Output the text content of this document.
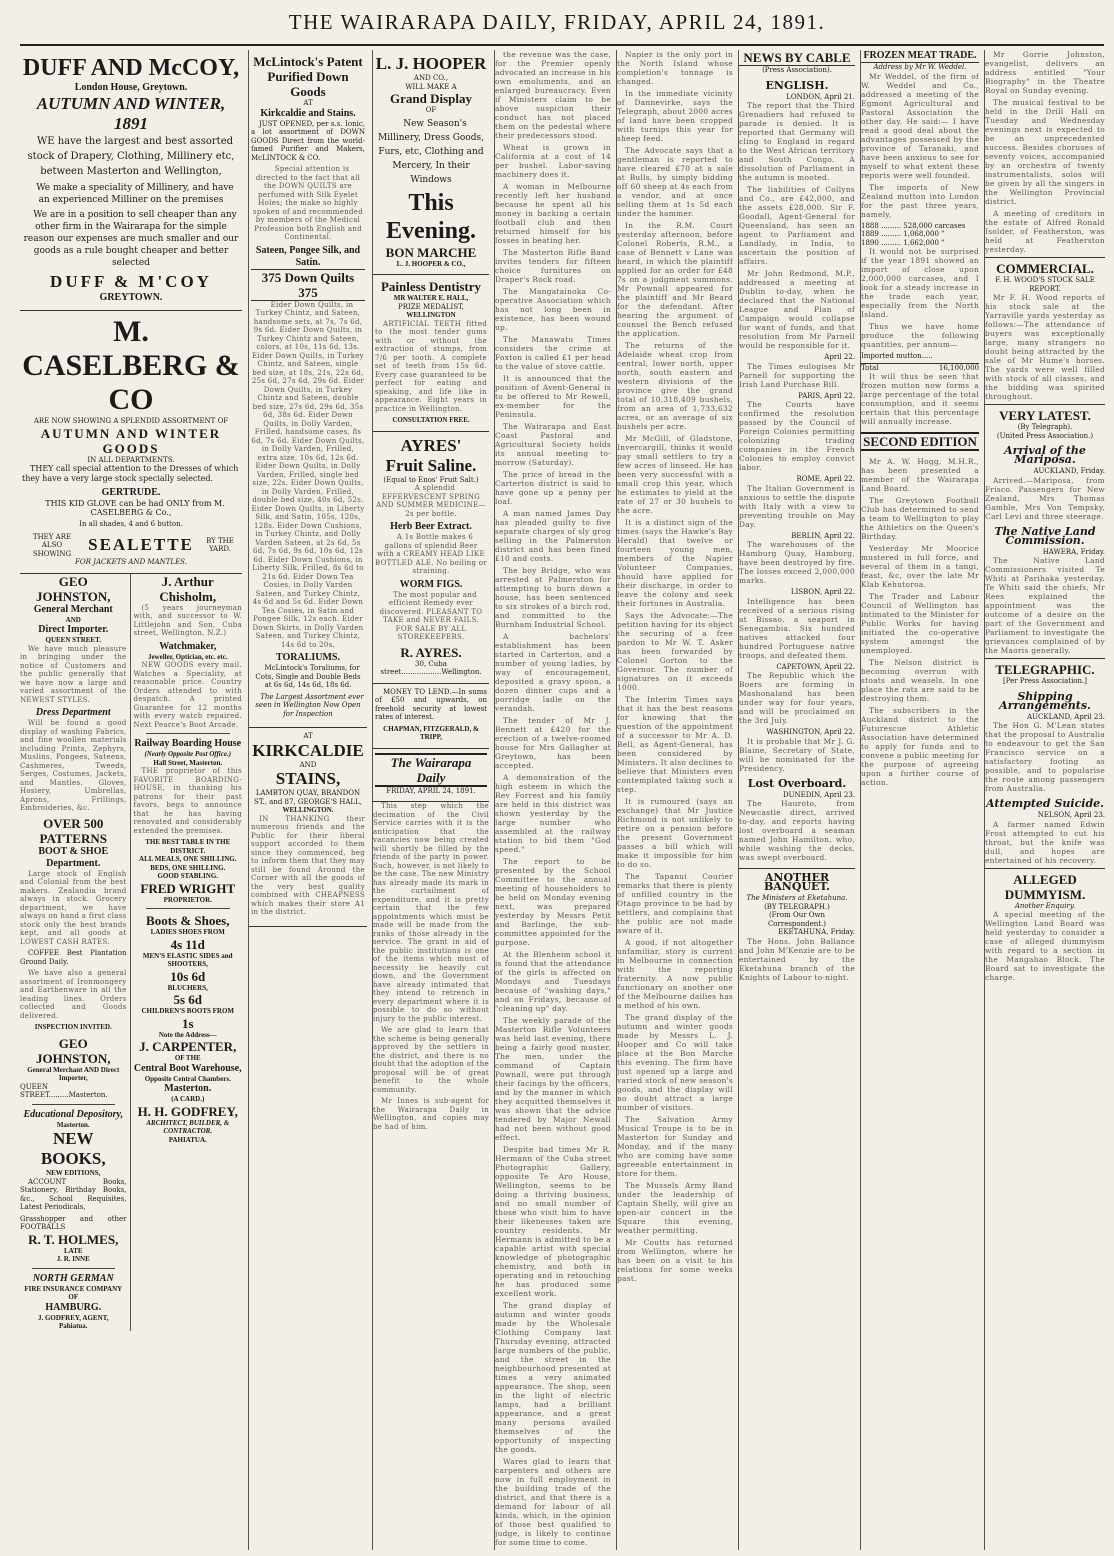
THE WAIRARAPA DAILY, FRIDAY, APRIL 24, 1891.
DUFF AND McCOY,
London House, Greytown.
AUTUMN AND WINTER, 1891

WE have the largest and best assorted stock of Drapery, Clothing, Millinery etc, between Masterton and Wellington,

We make a speciality of Millinery, and have an experienced Milliner on the premises

We are in a position to sell cheaper than any other firm in the Wairarapa for the simple reason our expenses are much smaller and our goods as a rule bought cheaper and better selected

DUFF & M'COY
GREYTOWN.
M. CASELBERG & CO
ARE NOW SHOWING A SPLENDID ASSORTMENT OF
AUTUMN AND WINTER GOODS
IN ALL DEPARTMENTS.

THEY call special attention to the Dresses of which they have a very large stock specially selected.

GERTRUDE.

THIS KID GLOVE can be had ONLY from M. CASELBERG & Co.,

In all shades, 4 and 6 button.
THEY ARE ALSO SHOWING SEALETTE	BY THE YARD.
FOR JACKETS AND MANTLES.
GEO JOHNSTON,
General Merchant
AND
Direct Importer.
QUEEN STREET.

We have much pleasure in bringing under the notice of Customers and the public generally that we have now a large and varied assortment of the NEWEST STYLES.

Dress Department

Will be found a good display of washing Fabrics, and fine woollen materials including Prints, Zephyrs, Muslins, Pongees, Sateens, Cashmeres, Tweeds, Serges, Costumes, Jackets, and Mantles. Gloves, Hosiery, Umbrellas, Aprons, Frillings, Embroideries, &c.

OVER 500 PATTERNS
BOOT & SHOE
Department.

Large stock of English and Colonial from the best makers. Zealandia brand always in stock. Grocery department, we have always on hand a first class stock only the best brands kept, and all goods at LOWEST CASH RATES.

COFFEE Best Plantation Ground Daily.

We have also a general assortment of Ironmongery and Earthenware in all the leading lines. Orders collected and Goods delivered.

INSPECTION INVITED.
GEO JOHNSTON,
General Merchant AND Direct Importer,
QUEEN STREET.........Masterton.
Educational Depository,
Masterton.
NEW BOOKS,
NEW EDITIONS,

ACCOUNT Books, Stationery, Birthday Books, &c., School Requisites, Latest Periodicals,

Grasshopper and other FOOTBALLS
R. T. HOLMES,
LATE
J. R. INNE
NORTH GERMAN
FIRE INSURANCE COMPANY
OF
HAMBURG.
J. GODFREY, AGENT,
Pahiatua.
J. Arthur Chisholm,

(5 years journeyman with, and successor to W. Littlejohn and Son, Cuba street, Wellington, N.Z.)

Watchmaker,
Jeweller, Optician, etc. etc.

NEW GOODS every mail. Watches a Speciality, at reasonable price. Country Orders attended to with despatch. A printed Guarantee for 12 months with every watch repaired. Next Pearce's Boot Arcade.

Railway Boarding House
(Nearly Opposite Post Office.)
Hall Street, Masterton.

THE proprietor of this FAVORITE BOARDING-HOUSE, in thanking his patrons for their past favors, begs to announce that he has having renovated and considerably extended the premises.

THE BEST TABLE IN THE DISTRICT.
ALL MEALS, ONE SHILLING. BEDS, ONE SHILLING.
GOOD STABLING.
FRED WRIGHT
PROPRIETOR.
Boots & Shoes,
LADIES SHOES FROM
4s 11d
MEN'S ELASTIC SIDES and SHOOTERS,
10s 6d
BLUCHERS,
5s 6d
CHILDREN'S BOOTS FROM
1s
Note the Address—
J. CARPENTER,
OF THE
Central Boot Warehouse,
Opposite Central Chambers.
Masterton.
(A CARD.)
H. H. GODFREY,
ARCHITECT, BUILDER, & CONTRACTOR.
PAHIATUA.
McLintock's Patent Purified Down Goods
AT
Kirkcaldie and Stains.

JUST OPENED, per s.s. Ionic, a lot assortment of DOWN GOODS Direct from the world-famed Purifier and Makers, McLINTOCK & CO.

Special attention is directed to the fact that all the DOWN QUILTS are perfumed with Silk Eyelet Holes; the make so highly spoken of and recommended by members of the Medical Profession both English and Continental.

Sateen, Pongee Silk, and Satin.
375 Down Quilts 375

Eider Down Quilts, in Turkey Chintz, and Sateen, handsome sets, at 7s, 7s 6d, 9s 6d. Eider Down Quilts, in Turkey Chintz and Sateen, colors, at 10s, 11s 6d, 13s. Eider Down Quilts, in Turkey Chintz, and Sateen, single bed size, at 18s, 21s, 22s 6d, 25s 6d, 27s 6d, 29s 6d. Eider Down Quilts, in Turkey Chintz and Sateen, double bed size, 27s 6d, 29s 6d, 35s 6d, 38s 6d. Eider Down Quilts, in Dolly Varden, Frilled, handsome cases, 8s 6d, 7s 6d. Eider Down Quilts, in Dolly Varden, Frilled, extra size, 10s 6d, 12s 6d. Eider Down Quilts, in Dolly Varden, Frilled, single bed size, 22s. Eider Down Quilts, in Dolly Varden, Frilled, double bed size, 40s 6d, 52s. Eider Down Quilts, in Liberty Silk, and Satin, 105s, 120s, 128s. Eider Down Cushions, in Turkey Chintz, and Dolly Varden Sateen, at 2s 6d, 5s 6d, 7s 6d, 9s 6d, 10s 6d, 12s 6d. Eider Down Cushions, in Liberty Silk, Frilled, 8s 6d to 21s 6d. Eider Down Tea Cosies, in Dolly Varden Sateen, and Turkey Chintz, 4s 6d and 5s 6d. Eider Down Tea Cosies, in Satin and Pongee Silk, 12s each. Eider Down Skirts, in Dolly Varden Sateen, and Turkey Chintz, 14s 6d to 20s.

TORALIUMS.

McLintock's Toraliums, for Cots, Single and Double Beds at 6s 6d, 14s 6d, 18s 6d.

The Largest Assortment ever seen in Wellington Now Open for Inspection

AT
KIRKCALDIE
AND
STAINS,
LAMBTON QUAY, BRANDON ST., and 87, GEORGE'S HALL,
WELLINGTON.

IN THANKING their numerous friends and the Public for their liberal support accorded to them since they commenced, beg to inform them that they may still be found Around the Corner with all the goods of the very best quality combined with CHEAPNESS which makes their store A1 in the district.

L. J. HOOPER
AND CO.,
WILL MAKE A
Grand Display
OF

New Season's Millinery, Dress Goods, Furs, etc, Clothing and Mercery, In their Windows

This Evening.
BON MARCHE
L. J. HOOPER & CO.,
Painless Dentistry
MR WALTER E. HALL,
PRIZE MEDALIST,
WELLINGTON

ARTIFICIAL TEETH fitted to the most tender gums with or without the extraction of stumps, from 7/6 per tooth. A complete set of teeth from 15s 6d. Every case guaranteed to be perfect for eating and speaking, and life like in appearance. Eight years in practice in Wellington.

CONSULTATION FREE.
AYRES'
Fruit Saline.
(Equal to Enos' Fruit Salt.)

A splendid EFFERVESCENT SPRING AND SUMMER MEDICINE—2s per bottle.

Herb Beer Extract.

A 1s Bottle makes 6 gallons of splendid Beer with a CREAMY HEAD LIKE BOTTLED ALE. No boiling or straining.

WORM FIGS.

The most popular and efficient Remedy ever discovered. PLEASANT TO TAKE and NEVER FAILS. FOR SALE BY ALL STOREKEEPERS.

R. AYRES.
30, Cuba street..................Wellington.

MONEY TO LEND.—In sums of £50 and upwards, on freehold security at lowest rates of interest.

CHAPMAN, FITZGERALD, & TRIPP,
The Wairarapa Daily
FRIDAY, APRIL 24, 1891.

This step which the decimation of the Civil Service carries with it is the anticipation that the vacancies now being created will shortly be filled by the friends of the party in power. Such, however, is not likely to be the case. The new Ministry has already made its mark in the curtailment of expenditure, and it is pretty certain that the few appointments which must be made will be made from the ranks of those already in the service. The grant in aid of the public institutions is one of the items which must of necessity be heavily cut down, and the Government have already intimated that they intend to retrench in every department where it is possible to do so without injury to the public interest.

We are glad to learn that the scheme is being generally approved by the settlers in the district, and there is no doubt that the adoption of the proposal will be of great benefit to the whole community.

Mr Innes is sub-agent for the Wairarapa Daily in Wellington, and copies may be had of him.

the revenue was the case, for the Premier openly advocated an increase in his own emoluments, and an enlarged bureaucracy. Even if Ministers claim to be above suspicion their conduct has not placed them on the pedestal where their predecessors stood.

Wheat is grown in California at a cost of 14 per bushel. Labor-saving machinery does it.

A woman in Melbourne recently left her husband because he spent all his money in backing a certain football club and then returned himself for his losses in beating her.

The Masterton Rifle Band invites tenders for fifteen choice furnitures on Draper's Rock road.

The Mangatainoka Co-operative Association which has not long been in existence, has been wound up.

The Manawatu Times considers the crime at Foxton is called £1 per head to the value of stove cattle.

It is announced that the position of Avent-General is to be offered to Mr Rewell, ex-member for the Peninsula.

The Wairarapa and East Coast Pastoral and Agricultural Society holds its annual meeting to-morrow (Saturday).

The price of bread in the Carterton district is said to have gone up a penny per loaf.

A man named James Day has pleaded guilty to five separate charges of sly grog selling in the Palmerston district and has been fined £10 and costs.

The boy Bridge, who was arrested at Palmerston for attempting to burn down a house, has been sentenced to six strokes of a birch rod, and committed to the Burnham Industrial School.

A bachelors' establishment has been started in Carterton, and a number of young ladies, by way of encouragement, deposited a gravy spoon, a dozen dinner cups and a porridge ladle on the verandah.

The tender of Mr J. Bennett at £420 for the erection of a twelve-roomed house for Mrs Gallagher at Greytown, has been accepted.

A demonstration of the high esteem in which the Rev Forrest and his family are held in this district was shown yesterday by the large number who assembled at the railway station to bid them "God speed."

The report to be presented by the School Committee to the annual meeting of householders to be held on Monday evening next, was prepared yesterday by Messrs Petit and Barlinge, the sub-committee appointed for the purpose.

At the Blenheim school it is found that the attendance of the girls is affected on Mondays and Tuesdays because of "washing days," and on Fridays, because of "cleaning up" day.

The weekly parade of the Masterton Rifle Volunteers was held last evening, there being a fairly good muster. The men, under the command of Captain Pownall, were put through their facings by the officers, and by the manner in which they acquitted themselves it was shown that the advice tendered by Major Newall had not been without good effect.

Despite bad times Mr R. Hermann of the Cuba street Photographic Gallery, opposite Te Aro House, Wellington, seems to be doing a thriving business, and no small number of those who visit him to have their likenesses taken are country residents. Mr Hermann is admitted to be a capable artist with special knowledge of photographic chemistry, and both in operating and in retouching he has produced some excellent work.

The grand display of autumn and winter goods made by the Wholesale Clothing Company last Thursday evening, attracted large numbers of the public, and the street in the neighbourhood presented at times a very animated appearance. The shop, seen in the light of electric lamps, had a brilliant appearance, and a great many persons availed themselves of the opportunity of inspecting the goods.

Wares glad to learn that carpenters and others are now in full employment in the building trade of the district, and that there is a demand for labour of all kinds, which, in the opinion of those best qualified to judge, is likely to continue for some time to come.

Napier is the only port in the North Island whose completion's tonnage is changed.

In the immediate vicinity of Dannevirke, says the Telegraph, about 2000 acres of land have been cropped with turnips this year for sheep feed.

The Advocate says that a gentleman is reported to have cleared £70 at a sale at Bulls, by simply bidding off 60 sheep at 4s each from a vendor, and at once selling them at 1s 5d each under the hammer.

In the R.M. Court yesterday afternoon, before Colonel Roberts, R.M., a case of Bennett v Lane was heard, in which the plaintiff applied for an order for £48 7s on a judgment summons. Mr Pownall appeared for the plaintiff and Mr Beard for the defendant. After hearing the argument of counsel the Bench refused the application.

The returns of the Adelaide wheat crop from central, lower north, upper north, south eastern and western divisions of the province give the grand total of 10,318,409 bushels, from an area of 1,733,632 acres, or an average of six bushels per acre.

Mr McGill, of Gladstone, Invercargill, thinks it would pay small settlers to try a few acres of linseed. He has been very successful with a small crop this year, which he estimates to yield at the rate of 27 or 30 bushels to the acre.

It is a distinct sign of the times (says the Hawke's Bay Herald) that twelve or fourteen young men, members of the Napier Volunteer Companies, should have applied for their discharge, in order to leave the colony and seek their fortunes in Australia.

Says the Advocate:—The petition having for its object the securing of a free pardon to Mr W. T. Asker has been forwarded by Colonel Gorton to the Governor. The number of signatures on it exceeds 1000.

The Interim Times says that it has the best reasons for knowing that the question of the appointment of a successor to Mr A. D. Bell, as Agent-General, has been considered by Ministers. It also declines to believe that Ministers even contemplated taking such a step.

It is rumoured (says an exchange) that Mr Justice Richmond is not unlikely to retire on a pension before the present Government passes a bill which will make it impossible for him to do so.

The Tapanui Courier remarks that there is plenty of unfilled country in the Otago province to be had by settlers, and complains that the public are not made aware of it.

A good, if not altogether unfamiliar, story is current in Melbourne in connection with the reporting fraternity. A now public functionary on another one of the Melbourne dailies has a method of his own.

The grand display of the autumn and winter goods made by Messrs L. J. Hooper and Co will take place at the Bon Marche this evening. The firm have just opened up a large and varied stock of new season's goods, and the display will no doubt attract a large number of visitors.

The Salvation Army Musical Troupe is to be in Masterton for Sunday and Monday, and if the many who are coming have some agreeable entertainment in store for them.

The Mussels Army Band under the leadership of Captain Shelly, will give an open-air concert in the Square this evening, weather permitting.

Mr Coutts has returned from Wellington, where he has been on a visit to his relations for some weeks past.

NEWS BY CABLE
(Press Association).
ENGLISH.
LONDON, April 21.

The report that the Third Grenadiers had refused to parade is denied. It is reported that Germany will cling to England in regard to the West African territory and South Congo. A dissolution of Parliament in the autumn is mooted.

The liabilities of Collyns and Co., are £42,000, and the assets £28,000. Sir F. Goodall, Agent-General for Queensland, has seen an agent to Parliament and Landlady, in India, to ascertain the position of affairs.

Mr John Redmond, M.P., addressed a meeting at Dublin to-day, when he declared that the National League and Plan of Campaign would collapse for want of funds, and that resolution from Mr Parnell would be responsible for it.

April 22.

The Times eulogises Mr Parnell for supporting the Irish Land Purchase Bill.

PARIS, April 22.

The Courts have confirmed the resolution passed by the Council of Foreign Colonies permitting colonizing trading companies in the French Colonies to employ convict labor.

ROME, April 22.

The Italian Government is anxious to settle the dispute with Italy with a view to preventing trouble on May Day.

BERLIN, April 22.

The warehouses of the Hamburg Quay, Hamburg, have been destroyed by fire. The losses exceed 2,000,000 marks.

LISBON, April 22.

Intelligence has been received of a serious rising at Bissao, a seaport in Senegambia. Six hundred natives attacked four hundred Portuguese native troops, and defeated them.

CAPETOWN, April 22.

The Republic which the Boers are forming in Mashonaland has been under way for four years, and will be proclaimed on the 3rd July.

WASHINGTON, April 22.

It is probable that Mr J. G. Blaine, Secretary of State, will be nominated for the Presidency.

Lost Overboard.
DUNEDIN, April 23.

The Hauroto, from Newcastle direct, arrived to-day, and reports having lost overboard a seaman named John Hamilton, who, while washing the decks, was swept overboard.

ANOTHER BANQUET.
The Ministers at Eketahuna.
(BY TELEGRAPH.)
(From Our Own Correspondent.)
EKETAHUNA, Friday.

The Hons. John Ballance and John M'Kenzie are to be entertained by the Eketahuna branch of the Knights of Labour to-night.

FROZEN MEAT TRADE.
Address by Mr W. Weddel.

Mr Weddel, of the firm of W. Weddel and Co., addressed a meeting of the Egmont Agricultural and Pastoral Association the other day. He said:— I have read a good deal about the advantages possessed by the province of Taranaki, and have been anxious to see for myself to what extent these reports were well founded.

The imports of New Zealand mutton into London for the past three years, namely,

1888 ......... 528,000 carcases
1889 ......... 1,068,000 "
1890 ......... 1,662,000 "

It would not be surprised if the year 1891 showed an import of close upon 2,000,000 carcases, and I look for a steady increase in the trade each year, especially from the North Island.

Thus we have home produce the following quantities, per annum—

Imported mutton.....
Total	16,100,000

It will thus be seen that frozen mutton now forms a large percentage of the total consumption, and it seems certain that this percentage will annually increase.

SECOND EDITION

Mr A. W. Hogg, M.H.R., has been presented a member of the Wairarapa Land Board.

The Greytown Football Club has determined to send a team to Wellington to play the Athletics on the Queen's Birthday.

Yesterday Mr Moorice mustered in full force, and several of them in a tangi, feast, &c, over the late Mr Klab Kehutoroa.

The Trader and Labour Council of Wellington has intimated to the Minister for Public Works for having initiated the co-operative system amongst the unemployed.

The Nelson district is becoming overrun with stoats and weasels. In one place the rats are said to be destroying them.

The subscribers in the Auckland district to the Futurescue Athletic Association have determined to apply for funds and to convene a public meeting for the purpose of agreeing upon a further course of action.

Mr Gorrie Johnston, evangelist, delivers an address entitled "Your Biography" in the Theatre Royal on Sunday evening.

The musical festival to be held in the Drill Hall on Tuesday and Wednesday evenings next is expected to be an unprecedented success. Besides choruses of seventy voices, accompanied by an orchestra of twenty instrumentalists, solos will be given by all the singers in the Wellington Provincial district.

A meeting of creditors in the estate of Alfred Ronald Isolder, of Featherston, was held at Featherston yesterday.

COMMERCIAL.
F. H. WOOD'S STOCK SALE REPORT.

Mr F. H. Wood reports of his stock sale at the Yarraville yards yesterday as follows:—The attendance of buyers was exceptionally large, many strangers no doubt being attracted by the sale of Mr Hume's horses. The yards were well filled with stock of all classes, and the bidding was spirited throughout.

VERY LATEST.
(By Telegraph).
(United Press Association.)
Arrival of the Mariposa.
AUCKLAND, Friday.

Arrived.—Mariposa, from Frisco. Passengers for New Zealand, Mrs Thomas Gamble, Mrs Von Tempsky, Carl Levi and three steerage.

The Native Land Commission.
HAWERA, Friday.

The Native Land Commissioners visited Te Whiti at Parihaka yesterday. Te Whiti said the chiefs, Mr Rees explained the appointment was the outcome of a desire on the part of the Government and Parliament to investigate the grievances complained of by the Maoris generally.

TELEGRAPHIC.
[Per Press Association.]
Shipping Arrangements.
AUCKLAND, April 23.

The Hon G. M'Lean states that the proposal to Australia to endeavour to get the San Francisco service on a satisfactory footing as possible, and to popularise the route among passengers from Australia.

Attempted Suicide.
NELSON, April 23.

A farmer named Edwin Frost attempted to cut his throat, but the knife was dull, and hopes are entertained of his recovery.

ALLEGED DUMMYISM.
Another Enquiry.

A special meeting of the Wellington Land Board was held yesterday to consider a case of alleged dummyism with regard to a section in the Mangahao Block. The Board sat to investigate the charge.
